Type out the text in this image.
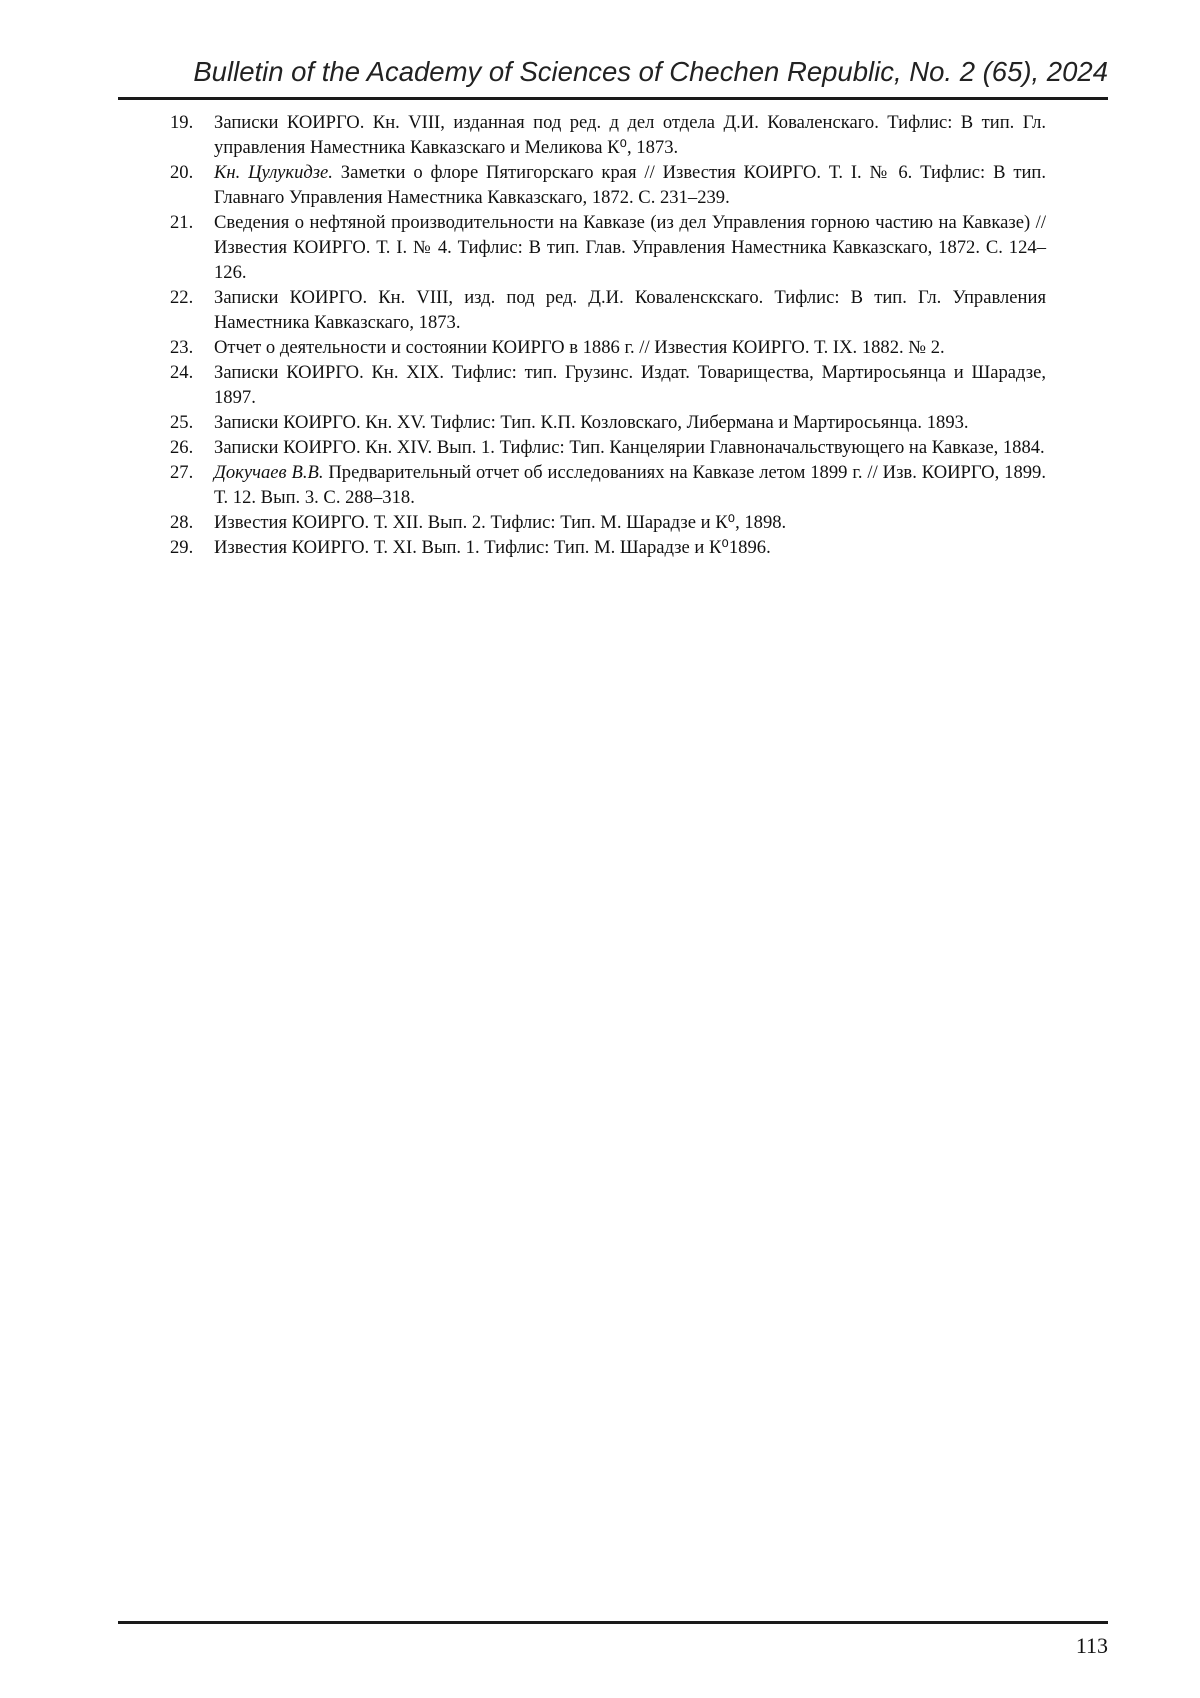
Bulletin of the Academy of Sciences of Chechen Republic, No. 2 (65), 2024
19.	Записки КОИРГО. Кн. VIII, изданная под ред. д дел отдела Д.И. Коваленскаго. Тифлис: В тип. Гл. управления Наместника Кавказскаго и Меликова К⁰, 1873.
20.	Кн. Цулукидзе. Заметки о флоре Пятигорскаго края // Известия КОИРГО. Т. I. № 6. Тифлис: В тип. Главнаго Управления Наместника Кавказскаго, 1872. С. 231–239.
21.	Сведения о нефтяной производительности на Кавказе (из дел Управления горною частию на Кавказе) // Известия КОИРГО. Т. I. № 4. Тифлис: В тип. Глав. Управления Наместника Кавказскаго, 1872. С. 124–126.
22.	Записки КОИРГО. Кн. VIII, изд. под ред. Д.И. Коваленскскаго. Тифлис: В тип. Гл. Управления Наместника Кавказскаго, 1873.
23.	Отчет о деятельности и состоянии КОИРГО в 1886 г. // Известия КОИРГО. Т. IX. 1882. № 2.
24.	Записки КОИРГО. Кн. XIX. Тифлис: тип. Грузинс. Издат. Товарищества, Мартиросьянца и Шарадзе, 1897.
25.	Записки КОИРГО. Кн. XV. Тифлис: Тип. К.П. Козловскаго, Либермана и Мартиросьянца. 1893.
26.	Записки КОИРГО. Кн. XIV. Вып. 1. Тифлис: Тип. Канцелярии Главноначальствующего на Кавказе, 1884.
27.	Докучаев В.В. Предварительный отчет об исследованиях на Кавказе летом 1899 г. // Изв. КОИРГО, 1899. Т. 12. Вып. 3. С. 288–318.
28.	Известия КОИРГО. Т. XII. Вып. 2. Тифлис: Тип. М. Шарадзе и К⁰, 1898.
29.	Известия КОИРГО. Т. XI. Вып. 1. Тифлис: Тип. М. Шарадзе и К⁰1896.
113
